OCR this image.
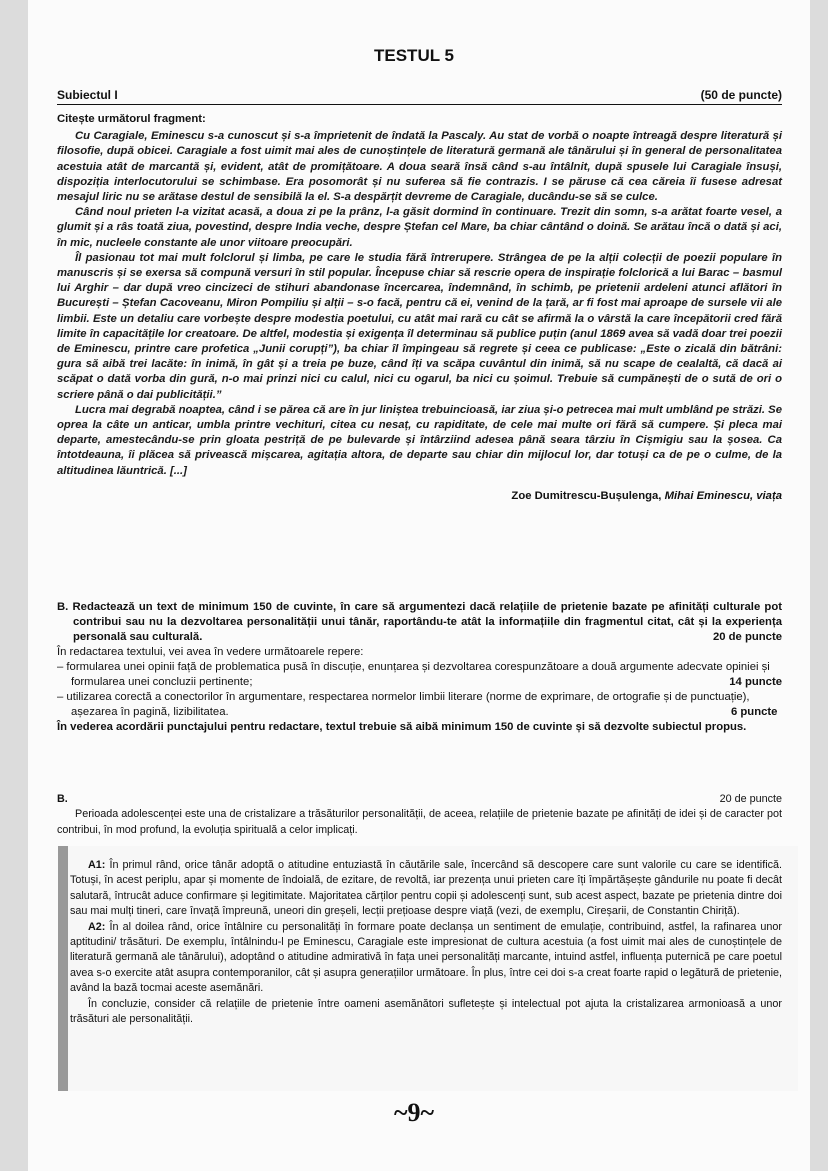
TESTUL 5
Subiectul I	(50 de puncte)
Citește următorul fragment:

Cu Caragiale, Eminescu s-a cunoscut și s-a împrietenit de îndată la Pascaly. Au stat de vorbă o noapte întreagă despre literatură și filosofie, după obicei. Caragiale a fost uimit mai ales de cunoștințele de literatură germană ale tânărului și în general de personalitatea acestuia atât de marcantă și, evident, atât de promițătoare. A doua seară însă când s-au întâlnit, după spusele lui Caragiale însuși, dispoziția interlocutorului se schimbase. Era posomorât și nu suferea să fie contrazis. I se păruse că cea căreia îi fusese adresat mesajul liric nu se arătase destul de sensibilă la el. S-a despărțit devreme de Caragiale, ducându-se să se culce.

Când noul prieten l-a vizitat acasă, a doua zi pe la prânz, l-a găsit dormind în continuare. Trezit din somn, s-a arătat foarte vesel, a glumit și a râs toată ziua, povestind, despre India veche, despre Ștefan cel Mare, ba chiar cântând o doină. Se arătau încă o dată și aci, în mic, nucleele constante ale unor viitoare preocupări.

Îl pasionau tot mai mult folclorul și limba, pe care le studia fără întrerupere. Strângea de pe la alții colecții de poezii populare în manuscris și se exersa să compună versuri în stil popular. Începuse chiar să rescrie opera de inspirație folclorică a lui Barac – basmul lui Arghir – dar după vreo cincizeci de stihuri abandonase încercarea, îndemnând, în schimb, pe prietenii ardeleni atunci aflători în București – Ștefan Cacoveanu, Miron Pompiliu și alții – s-o facă, pentru că ei, venind de la țară, ar fi fost mai aproape de sursele vii ale limbii. Este un detaliu care vorbește despre modestia poetului, cu atât mai rară cu cât se afirmă la o vârstă la care începătorii cred fără limite în capacitățile lor creatoare. De altfel, modestia și exigența îl determinau să publice puțin (anul 1869 avea să vadă doar trei poezii de Eminescu, printre care profetica „Junii corupți”), ba chiar îl împingeau să regrete și ceea ce publicase: „Este o zicală din bătrâni: gura să aibă trei lacăte: în inimă, în gât și a treia pe buze, când îți va scăpa cuvântul din inimă, să nu scape de cealaltă, că dacă ai scăpat o dată vorba din gură, n-o mai prinzi nici cu calul, nici cu ogarul, ba nici cu șoimul. Trebuie să cumpănești de o sută de ori o scriere până o dai publicității.”

Lucra mai degrabă noaptea, când i se părea că are în jur liniștea trebuincioasă, iar ziua și-o petrecea mai mult umblând pe străzi. Se oprea la câte un anticar, umbla printre vechituri, citea cu nesaț, cu rapiditate, de cele mai multe ori fără să cumpere. Și pleca mai departe, amestecându-se prin gloata pestriță de pe bulevarde și întârziind adesea până seara târziu în Cișmigiu sau la șosea. Ca întotdeauna, îi plăcea să privească mișcarea, agitația altora, de departe sau chiar din mijlocul lor, dar totuși ca de pe o culme, de la altitudinea lăuntrică. [...]

Zoe Dumitrescu-Bușulenga, Mihai Eminescu, viața

B. Redactează un text de minimum 150 de cuvinte, în care să argumentezi dacă relațiile de prietenie bazate pe afinități culturale pot contribui sau nu la dezvoltarea personalității unui tânăr, raportându-te atât la informațiile din fragmentul citat, cât și la experiența personală sau culturală.	20 de puncte

În redactarea textului, vei avea în vedere următoarele repere:

– formularea unei opinii față de problematica pusă în discuție, enunțarea și dezvoltarea corespunzătoare a două argumente adecvate opiniei și formularea unei concluzii pertinente;	14 puncte

– utilizarea corectă a conectorilor în argumentare, respectarea normelor limbii literare (norme de exprimare, de ortografie și de punctuație), așezarea în pagină, lizibilitatea.	6 puncte

În vederea acordării punctajului pentru redactare, textul trebuie să aibă minimum 150 de cuvinte și să dezvolte subiectul propus.

B.	20 de puncte

Perioada adolescenței este una de cristalizare a trăsăturilor personalității, de aceea, relațiile de prietenie bazate pe afinități de idei și de caracter pot contribui, în mod profund, la evoluția spirituală a celor implicați.

A1: În primul rând, orice tânăr adoptă o atitudine entuziastă în căutările sale, încercând să descopere care sunt valorile cu care se identifică. Totuși, în acest periplu, apar și momente de îndoială, de ezitare, de revoltă, iar prezența unui prieten care îți împărtășește gândurile nu poate fi decât salutară, întrucât aduce confirmare și legitimitate. Majoritatea cărților pentru copii și adolescenți sunt, sub acest aspect, bazate pe prietenia dintre doi sau mai mulți tineri, care învață împreună, uneori din greșeli, lecții prețioase despre viață (vezi, de exemplu, Cireșarii, de Constantin Chiriță).

A2: În al doilea rând, orice întâlnire cu personalități în formare poate declanșa un sentiment de emulație, contribuind, astfel, la rafinarea unor aptitudini/ trăsături. De exemplu, întâlnindu-l pe Eminescu, Caragiale este impresionat de cultura acestuia (a fost uimit mai ales de cunoștințele de literatură germană ale tânărului), adoptând o atitudine admirativă în fața unei personalități marcante, intuind astfel, influența puternică pe care poetul avea s-o exercite atât asupra contemporanilor, cât și asupra generațiilor următoare. În plus, între cei doi s-a creat foarte rapid o legătură de prietenie, având la bază tocmai aceste asemănări.

În concluzie, consider că relațiile de prietenie între oameni asemănători sufletește și intelectual pot ajuta la cristalizarea armonioasă a unor trăsături ale personalității.

~9~
